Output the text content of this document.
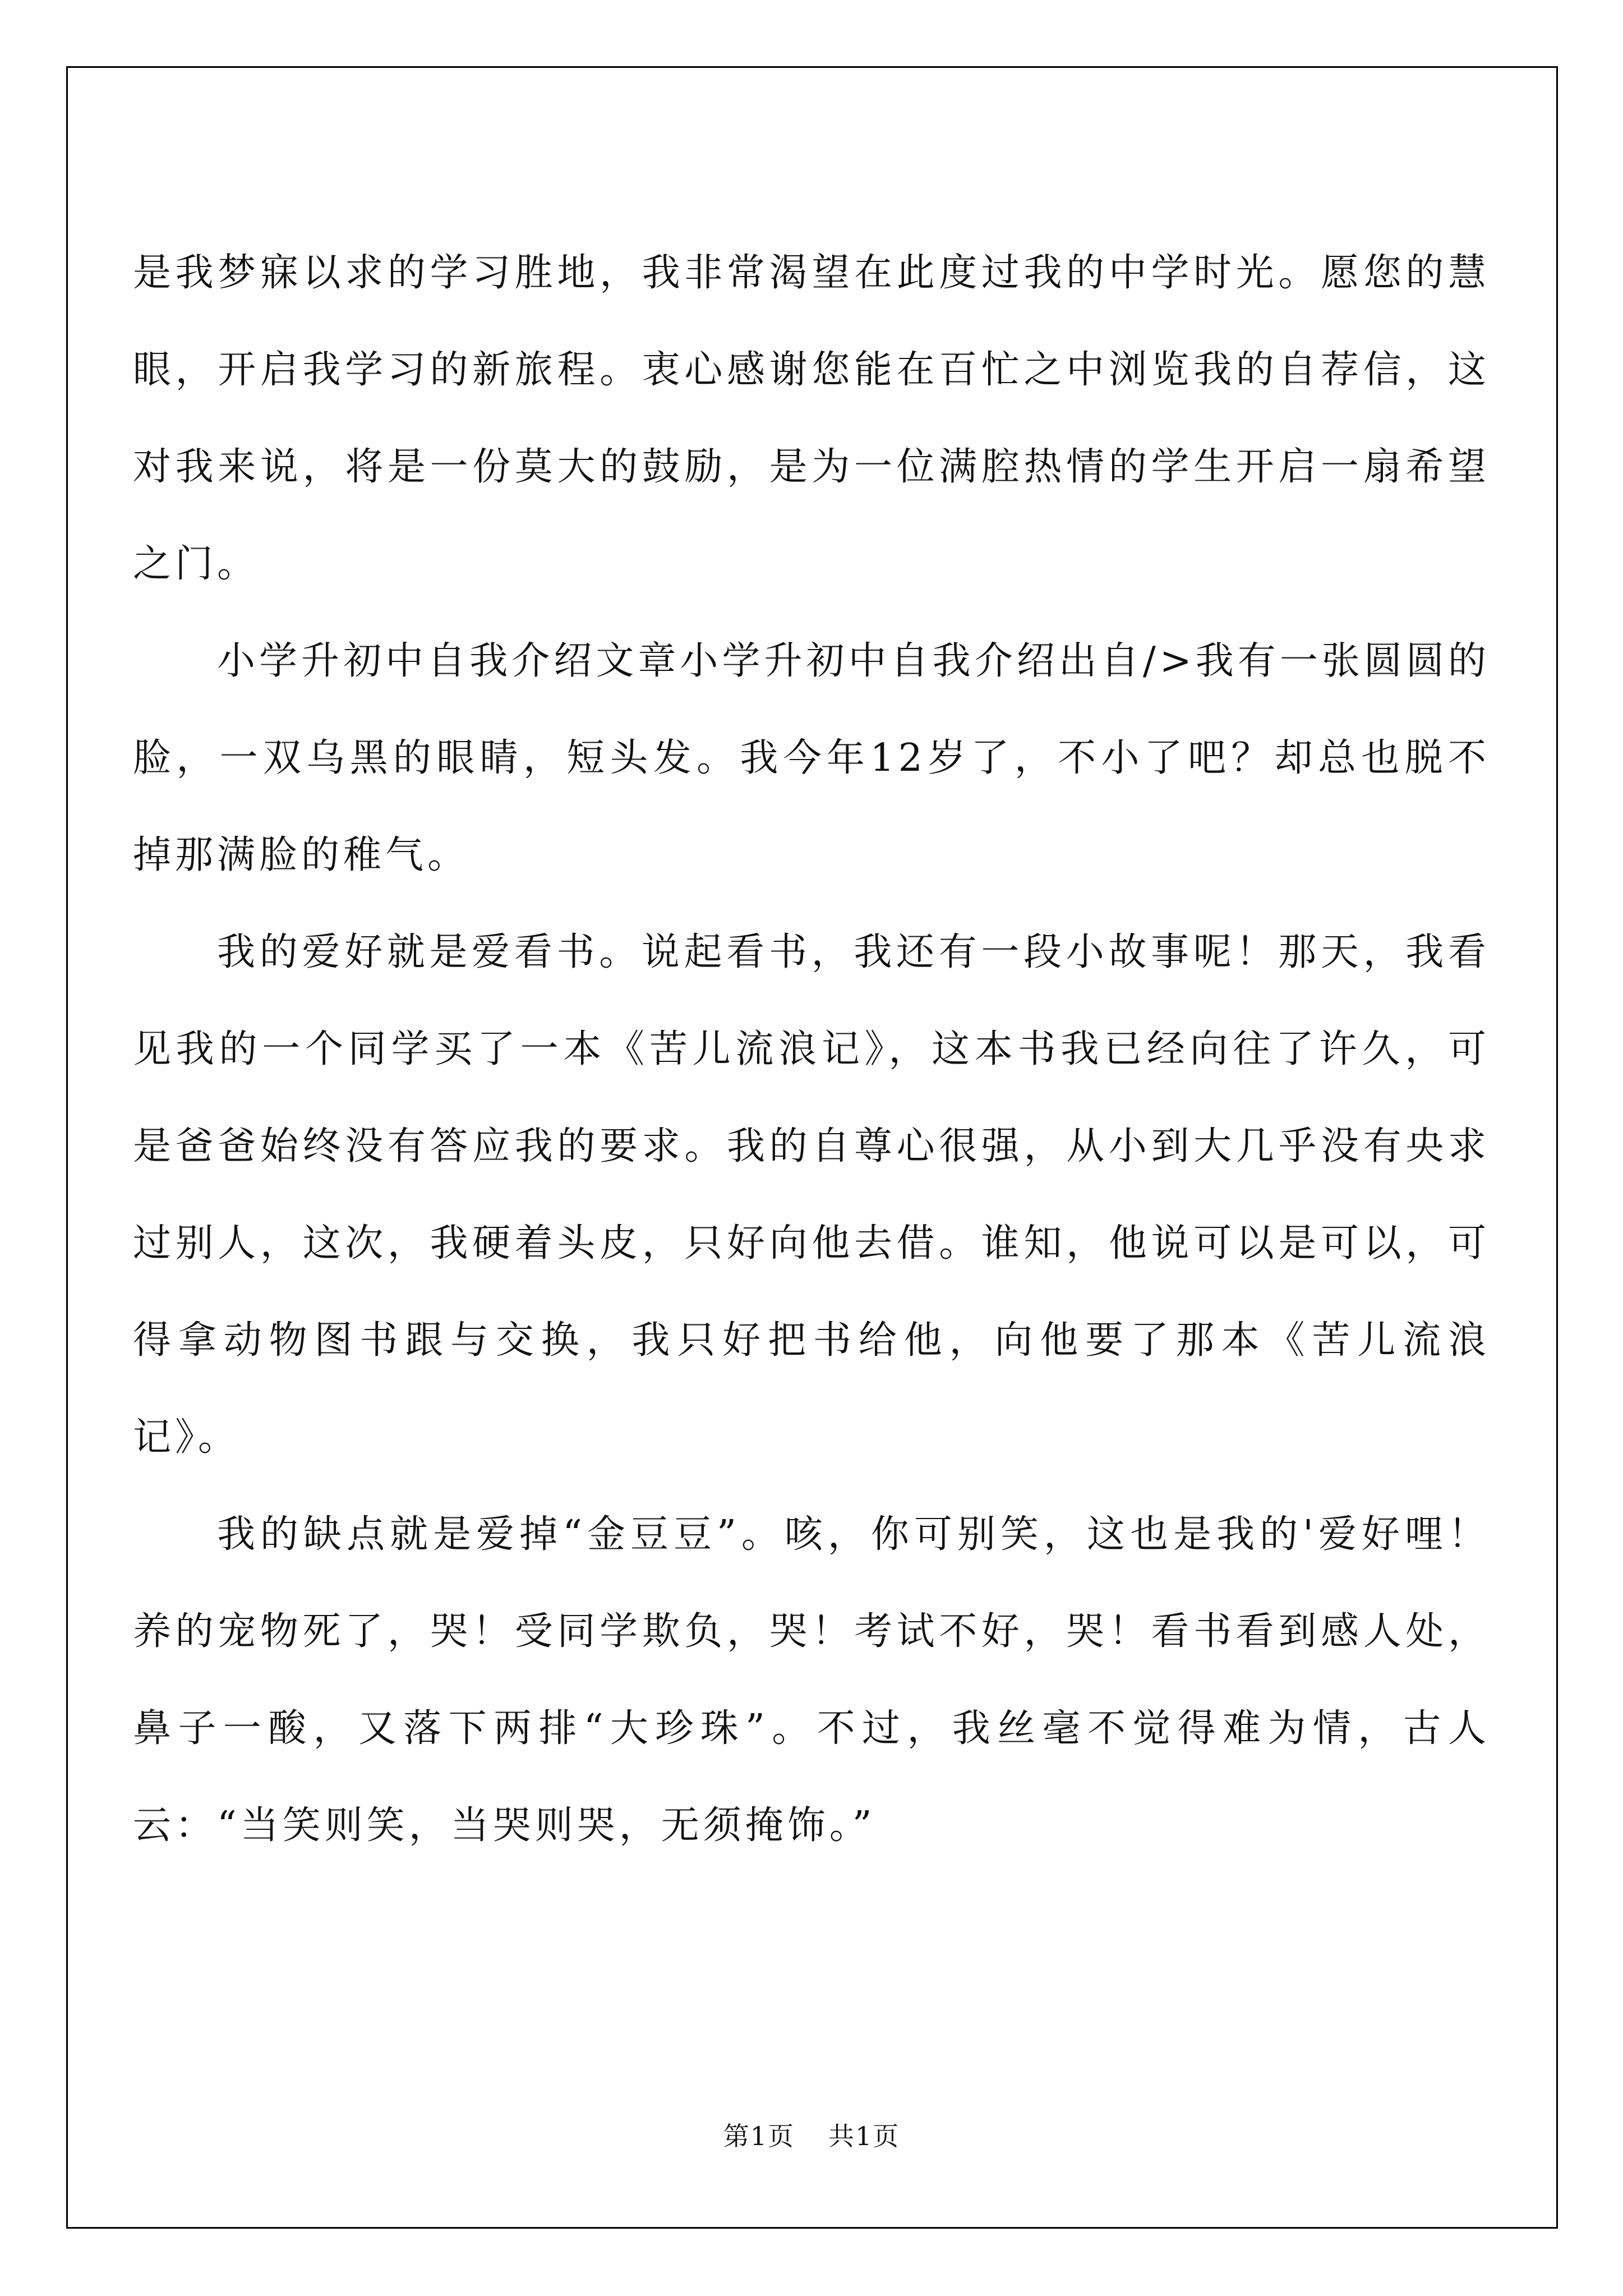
是我梦寐以求的学习胜地，我非常渴望在此度过我的中学时光。愿您的慧眼，开启我学习的新旅程。衷心感谢您能在百忙之中浏览我的自荐信，这对我来说，将是一份莫大的鼓励，是为一位满腔热情的学生开启一扇希望之门。

小学升初中自我介绍文章小学升初中自我介绍出自/>我有一张圆圆的脸，一双乌黑的眼睛，短头发。我今年12岁了，不小了吧？却总也脱不掉那满脸的稚气。

我的爱好就是爱看书。说起看书，我还有一段小故事呢！那天，我看见我的一个同学买了一本《苦儿流浪记》，这本书我已经向往了许久，可是爸爸始终没有答应我的要求。我的自尊心很强，从小到大几乎没有央求过别人，这次，我硬着头皮，只好向他去借。谁知，他说可以是可以，可得拿动物图书跟与交换，我只好把书给他，向他要了那本《苦儿流浪记》。

我的缺点就是爱掉“金豆豆”。咳，你可别笑，这也是我的'爱好哩！养的宠物死了，哭！受同学欺负，哭！考试不好，哭！看书看到感人处，鼻子一酸，又落下两排“大珍珠”。不过，我丝毫不觉得难为情，古人云：“当笑则笑，当哭则哭，无须掩饰。”

第1页 共1页
